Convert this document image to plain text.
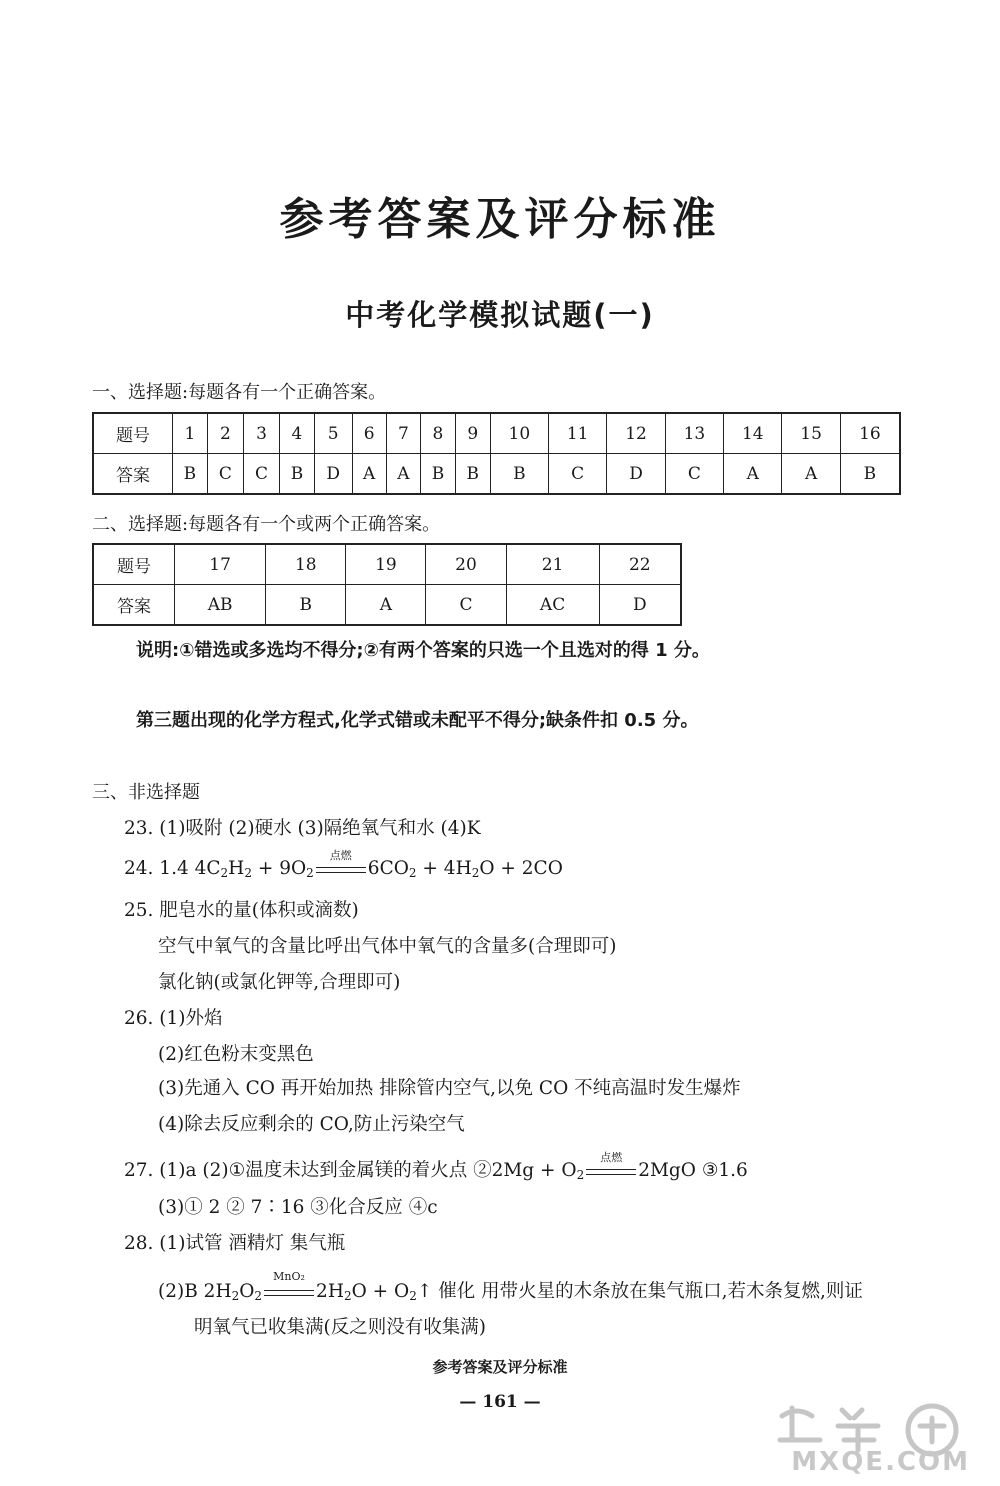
参考答案及评分标准
中考化学模拟试题(一)
一、选择题:每题各有一个正确答案。
题号	1	2	3	4	5	6	7	8	9	10	11	12	13	14	15	16
答案	B	C	C	B	D	A	A	B	B	B	C	D	C	A	A	B
二、选择题:每题各有一个或两个正确答案。
题号	17	18	19	20	21	22
答案	AB	B	A	C	AC	D
说明:①错选或多选均不得分;②有两个答案的只选一个且选对的得 1 分。
第三题出现的化学方程式,化学式错或未配平不得分;缺条件扣 0.5 分。
三、非选择题
23. (1)吸附 (2)硬水 (3)隔绝氧气和水 (4)K
24. 1.4 $4C_2H_2 + 9O_2$
点燃
$6CO_2 + 4H_2O + 2CO$
25. 肥皂水的量(体积或滴数)
空气中氧气的含量比呼出气体中氧气的含量多(合理即可)
氯化钠(或氯化钾等,合理即可)
26. (1)外焰
(2)红色粉末变黑色
(3)先通入 CO 再开始加热 排除管内空气,以免 CO 不纯高温时发生爆炸
(4)除去反应剩余的 CO,防止污染空气
27. (1)a (2)①温度未达到金属镁的着火点 ②2Mg + $O_2$
点燃
2MgO ③1.6
(3)① 2 ② 7∶16 ③化合反应 ④c
28. (1)试管 酒精灯 集气瓶
(2)B $2H_2O_2$
MnO₂
$2H_2O$ + $O_2↑$ 催化 用带火星的木条放在集气瓶口,若木条复燃,则证
明氧气已收集满(反之则没有收集满)
参考答案及评分标准
— 161 —
MXQE.COM
